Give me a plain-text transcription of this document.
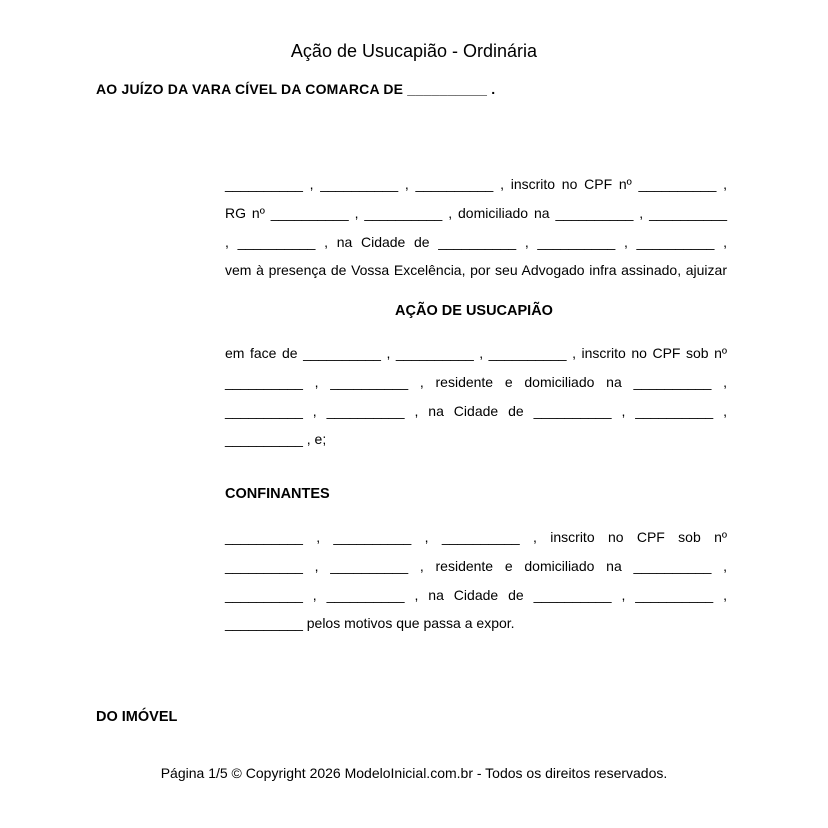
Ação de Usucapião - Ordinária
AO JUÍZO DA VARA CÍVEL DA COMARCA DE __________ .
__________ , __________ , __________ , inscrito no CPF nº __________ ,
RG nº __________ , __________ , domiciliado na __________ , __________
, __________ , na Cidade de __________ , __________ , __________ ,
vem à presença de Vossa Excelência, por seu Advogado infra assinado, ajuizar
AÇÃO DE USUCAPIÃO
em face de __________ , __________ , __________ , inscrito no CPF sob nº
__________ , __________ , residente e domiciliado na __________ ,
__________ , __________ , na Cidade de __________ , __________ ,
__________ , e;
CONFINANTES
__________ , __________ , __________ , inscrito no CPF sob nº
__________ , __________ , residente e domiciliado na __________ ,
__________ , __________ , na Cidade de __________ , __________ ,
__________ pelos motivos que passa a expor.
DO IMÓVEL
Página 1/5 © Copyright 2026 ModeloInicial.com.br - Todos os direitos reservados.
